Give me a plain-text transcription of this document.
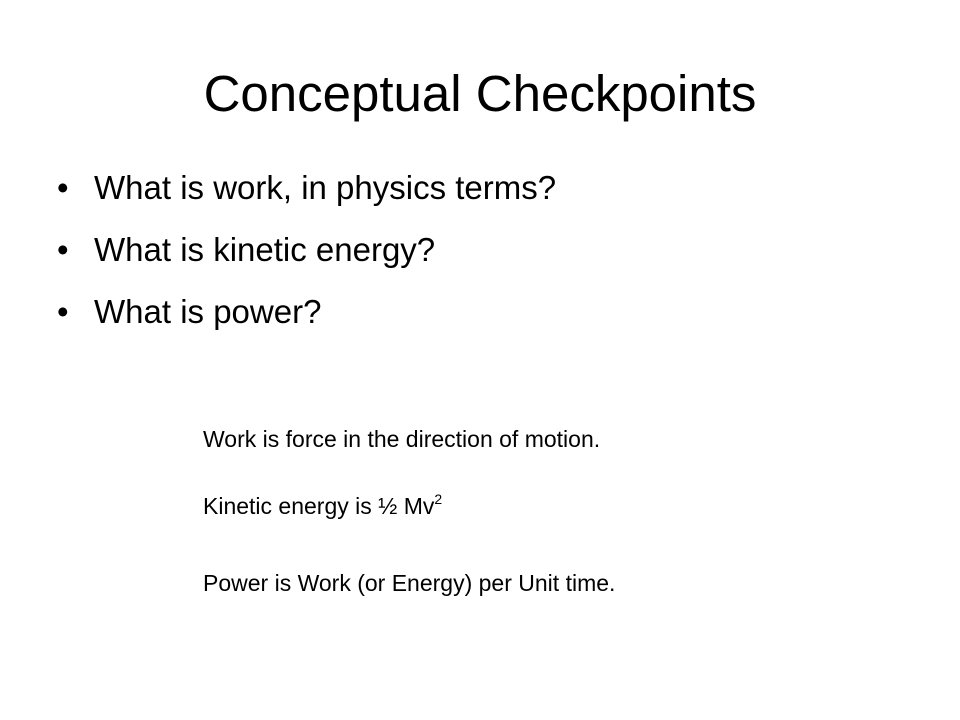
Conceptual Checkpoints
• What is work, in physics terms?
• What is kinetic energy?
• What is power?
Work is force in the direction of motion.
Kinetic energy is ½ Mv$^2$
Power is Work (or Energy) per Unit time.
